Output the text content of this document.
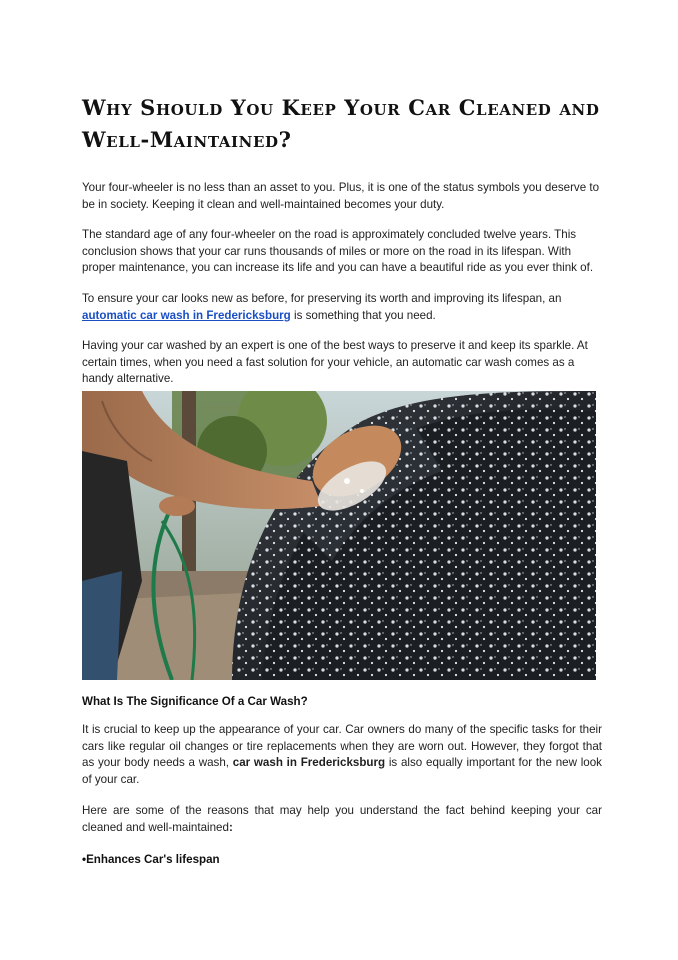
Why Should You Keep Your Car Cleaned and Well-Maintained?

Your four-wheeler is no less than an asset to you. Plus, it is one of the status symbols you deserve to be in society. Keeping it clean and well-maintained becomes your duty.

The standard age of any four-wheeler on the road is approximately concluded twelve years. This conclusion shows that your car runs thousands of miles or more on the road in its lifespan. With proper maintenance, you can increase its life and you can have a beautiful ride as you ever think of.

To ensure your car looks new as before, for preserving its worth and improving its lifespan, an automatic car wash in Fredericksburg is something that you need.

Having your car washed by an expert is one of the best ways to preserve it and keep its sparkle. At certain times, when you need a fast solution for your vehicle, an automatic car wash comes as a handy alternative.

What Is The Significance Of a Car Wash?

It is crucial to keep up the appearance of your car. Car owners do many of the specific tasks for their cars like regular oil changes or tire replacements when they are worn out. However, they forgot that as your body needs a wash, car wash in Fredericksburg is also equally important for the new look of your car.

Here are some of the reasons that may help you understand the fact behind keeping your car cleaned and well-maintained:

•Enhances Car's lifespan
